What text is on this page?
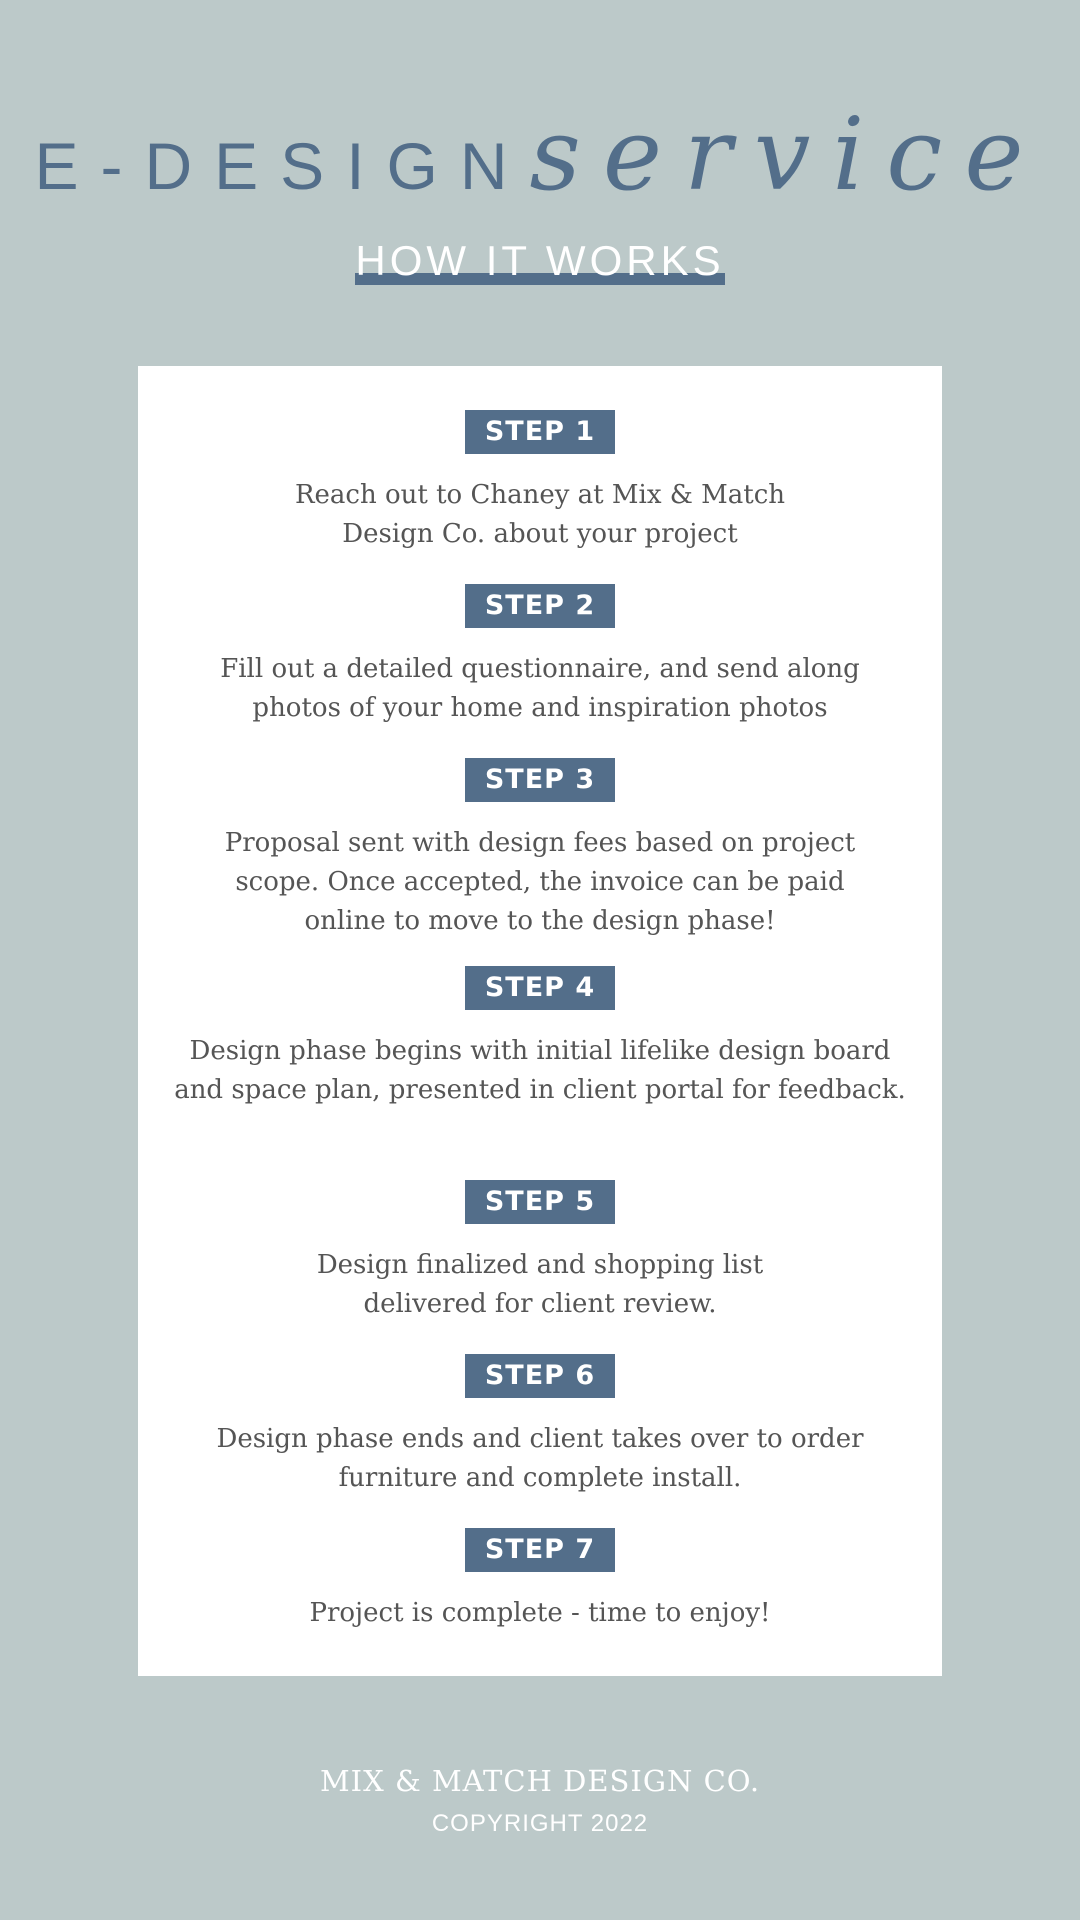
E-DESIGNservice
HOW IT WORKS
STEP 1
Reach out to Chaney at Mix & Match Design Co. about your project
STEP 2
Fill out a detailed questionnaire, and send along photos of your home and inspiration photos
STEP 3
Proposal sent with design fees based on project scope. Once accepted, the invoice can be paid online to move to the design phase!
STEP 4
Design phase begins with initial lifelike design board and space plan, presented in client portal for feedback.
STEP 5
Design finalized and shopping list delivered for client review.
STEP 6
Design phase ends and client takes over to order furniture and complete install.
STEP 7
Project is complete - time to enjoy!
MIX & MATCH DESIGN CO.
COPYRIGHT 2022
